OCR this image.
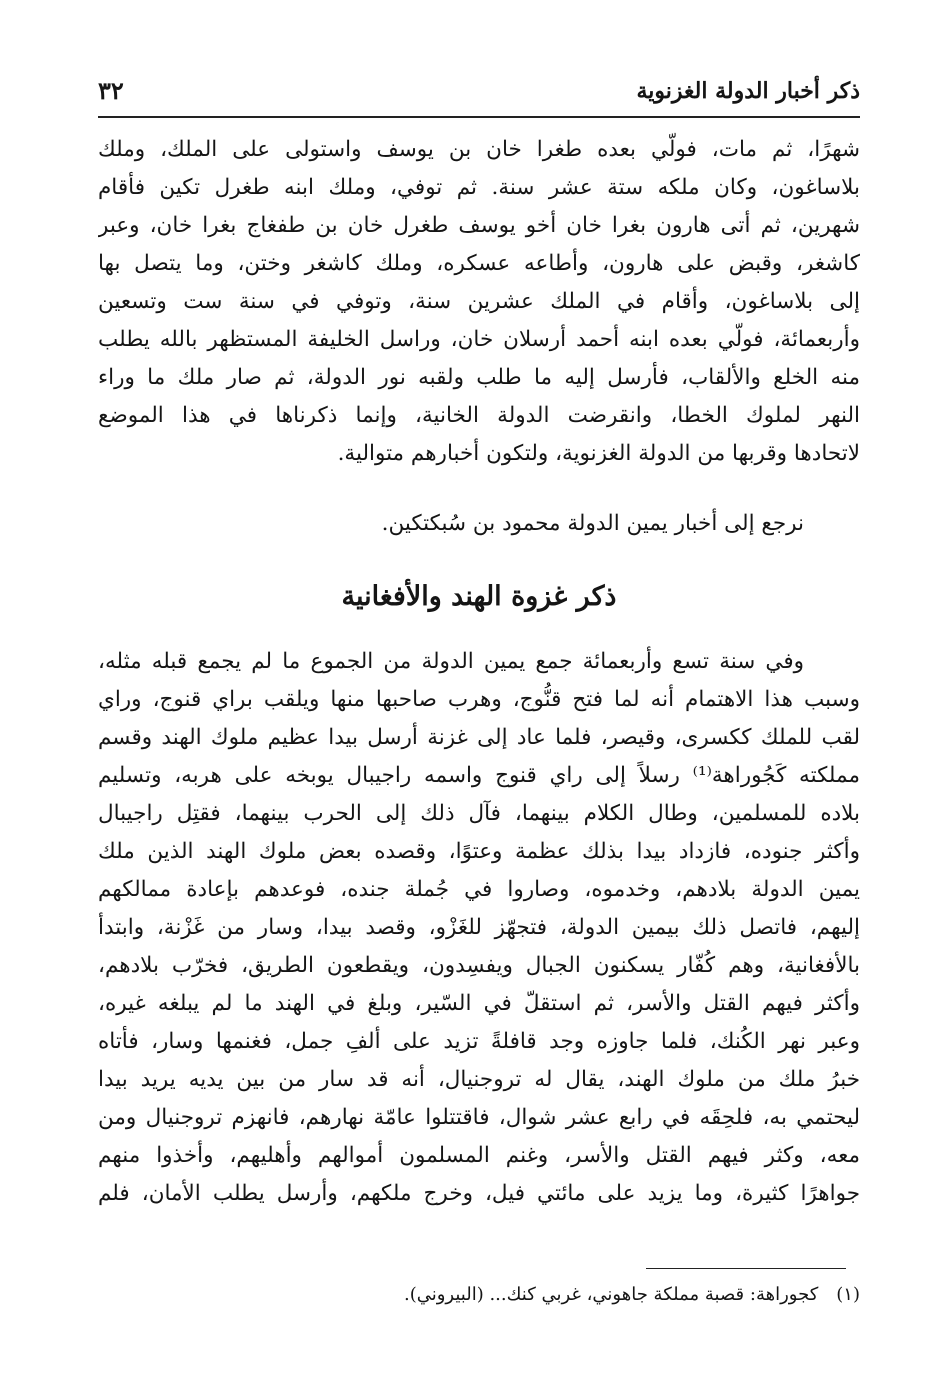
ذكر أخبار الدولة الغزنوية
٣٢
شهرًا، ثم مات، فولّي بعده طغرا خان بن يوسف واستولى على الملك، وملك
بلاساغون، وكان ملكه ستة عشر سنة. ثم توفي، وملك ابنه طغرل تكين فأقام
شهرين، ثم أتى هارون بغرا خان أخو يوسف طغرل خان بن طفغاج بغرا خان، وعبر
كاشغر، وقبض على هارون، وأطاعه عسكره، وملك كاشغر وختن، وما يتصل بها
إلى بلاساغون، وأقام في الملك عشرين سنة، وتوفي في سنة ست وتسعين
وأربعمائة، فولّي بعده ابنه أحمد أرسلان خان، وراسل الخليفة المستظهر بالله يطلب
منه الخلع والألقاب، فأرسل إليه ما طلب ولقبه نور الدولة، ثم صار ملك ما وراء
النهر لملوك الخطا، وانقرضت الدولة الخانية، وإنما ذكرناها في هذا الموضع
لاتحادها وقربها من الدولة الغزنوية، ولتكون أخبارهم متوالية.
نرجع إلى أخبار يمين الدولة محمود بن سُبكتكين.
ذكر غزوة الهند والأفغانية
وفي سنة تسع وأربعمائة جمع يمين الدولة من الجموع ما لم يجمع قبله مثله،
وسبب هذا الاهتمام أنه لما فتح قنُّوج، وهرب صاحبها منها ويلقب براي قنوج، وراي
لقب للملك ككسرى، وقيصر، فلما عاد إلى غزنة أرسل بيدا عظيم ملوك الهند وقسم
مملكته كَجُوراهة⁽¹⁾ رسلاً إلى راي قنوج واسمه راجيبال يوبخه على هربه، وتسليم
بلاده للمسلمين، وطال الكلام بينهما، فآل ذلك إلى الحرب بينهما، فقتِل راجيبال
وأكثر جنوده، فازداد بيدا بذلك عظمة وعتوًا، وقصده بعض ملوك الهند الذين ملك
يمين الدولة بلادهم، وخدموه، وصاروا في جُملة جنده، فوعدهم بإعادة ممالكهم
إليهم، فاتصل ذلك بيمين الدولة، فتجهّز للغَزْو، وقصد بيدا، وسار من غَزْنة، وابتدأ
بالأفغانية، وهم كُفّار يسكنون الجبال ويفسِدون، ويقطعون الطريق، فخرّب بلادهم،
وأكثر فيهم القتل والأسر، ثم استقلّ في السّير، وبلغ في الهند ما لم يبلغه غيره،
وعبر نهر الكُنك، فلما جاوزه وجد قافلةً تزيد على ألفِ جمل، فغنمها وسار، فأتاه
خبرُ ملك من ملوك الهند، يقال له تروجنيال، أنه قد سار من بين يديه يريد بيدا
ليحتمي به، فلحِقَه في رابع عشر شوال، فاقتتلوا عامّة نهارهم، فانهزم تروجنيال ومن
معه، وكثر فيهم القتل والأسر، وغنم المسلمون أموالهم وأهليهم، وأخذوا منهم
جواهرًا كثيرة، وما يزيد على مائتي فيل، وخرج ملكهم، وأرسل يطلب الأمان، فلم
(١)كجوراهة: قصبة مملكة جاهوني، غربي كنك... (البيروني).
